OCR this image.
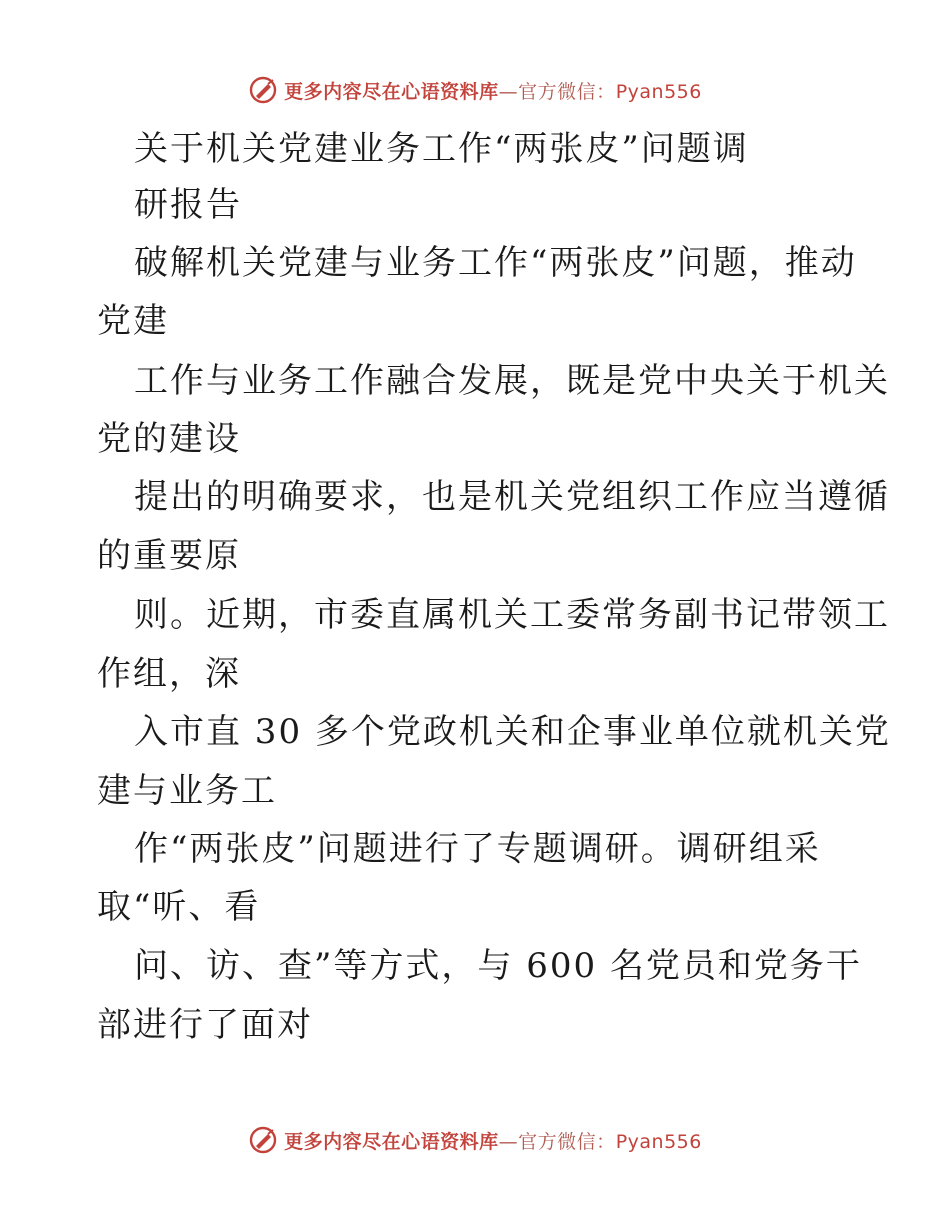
更多内容尽在心语资料库—官方微信：Pyan556
关于机关党建业务工作“两张皮”问题调
研报告
破解机关党建与业务工作“两张皮”问题，推动
党建
工作与业务工作融合发展，既是党中央关于机关
党的建设
提出的明确要求，也是机关党组织工作应当遵循
的重要原
则。近期，市委直属机关工委常务副书记带领工
作组，深
入市直 30 多个党政机关和企事业单位就机关党
建与业务工
作“两张皮”问题进行了专题调研。调研组采
取“听、看
问、访、查”等方式，与 600 名党员和党务干
部进行了面对
更多内容尽在心语资料库—官方微信：Pyan556
